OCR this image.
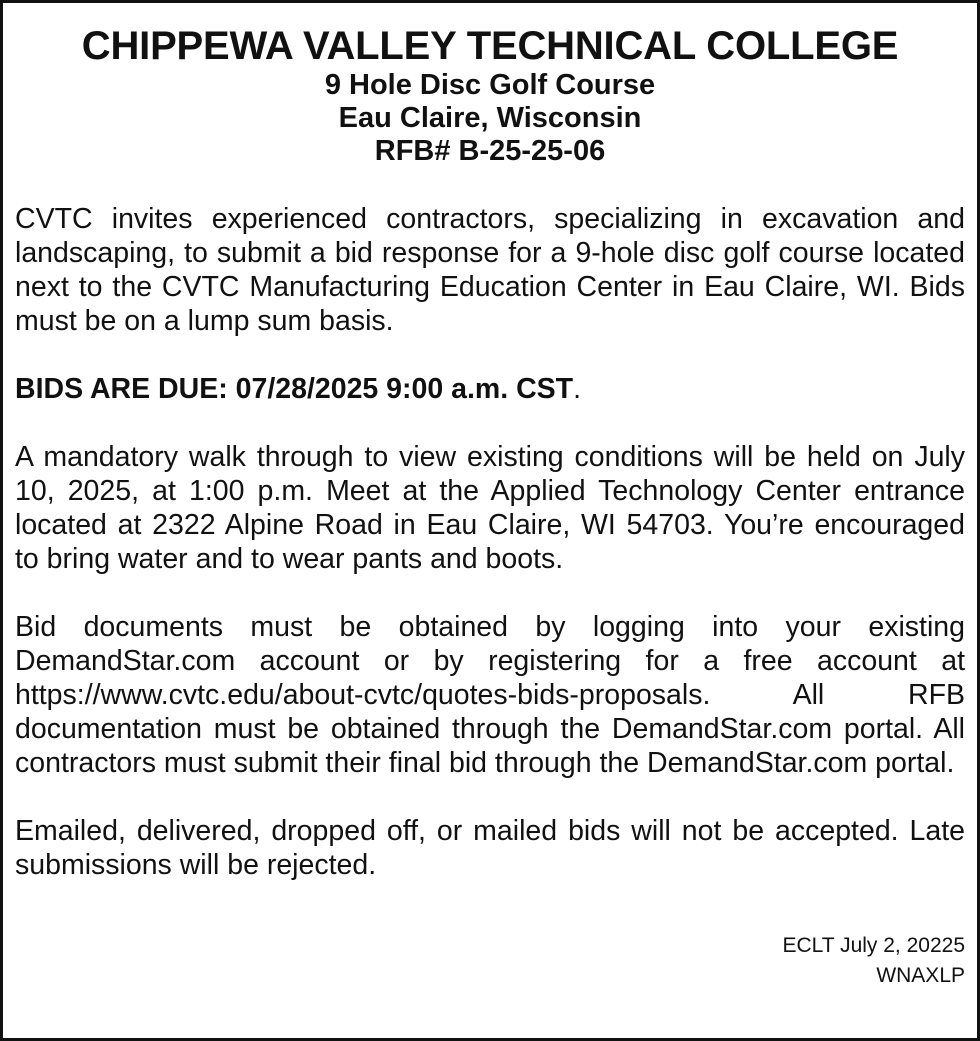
CHIPPEWA VALLEY TECHNICAL COLLEGE
9 Hole Disc Golf Course
Eau Claire, Wisconsin
RFB# B-25-25-06

CVTC invites experienced contractors, specializing in excavation and landscaping, to submit a bid response for a 9-hole disc golf course located next to the CVTC Manufacturing Education Center in Eau Claire, WI. Bids must be on a lump sum basis.

BIDS ARE DUE: 07/28/2025 9:00 a.m. CST.

A mandatory walk through to view existing conditions will be held on July 10, 2025, at 1:00 p.m. Meet at the Applied Technology Center entrance located at 2322 Alpine Road in Eau Claire, WI 54703. You’re encouraged to bring water and to wear pants and boots.

Bid documents must be obtained by logging into your existing DemandStar.com account or by registering for a free account at https://www.cvtc.edu/about-cvtc/quotes-bids-proposals. All RFB documentation must be obtained through the DemandStar.com portal. All contractors must submit their final bid through the DemandStar.com portal.

Emailed, delivered, dropped off, or mailed bids will not be accepted. Late submissions will be rejected.

ECLT July 2, 20225
WNAXLP
